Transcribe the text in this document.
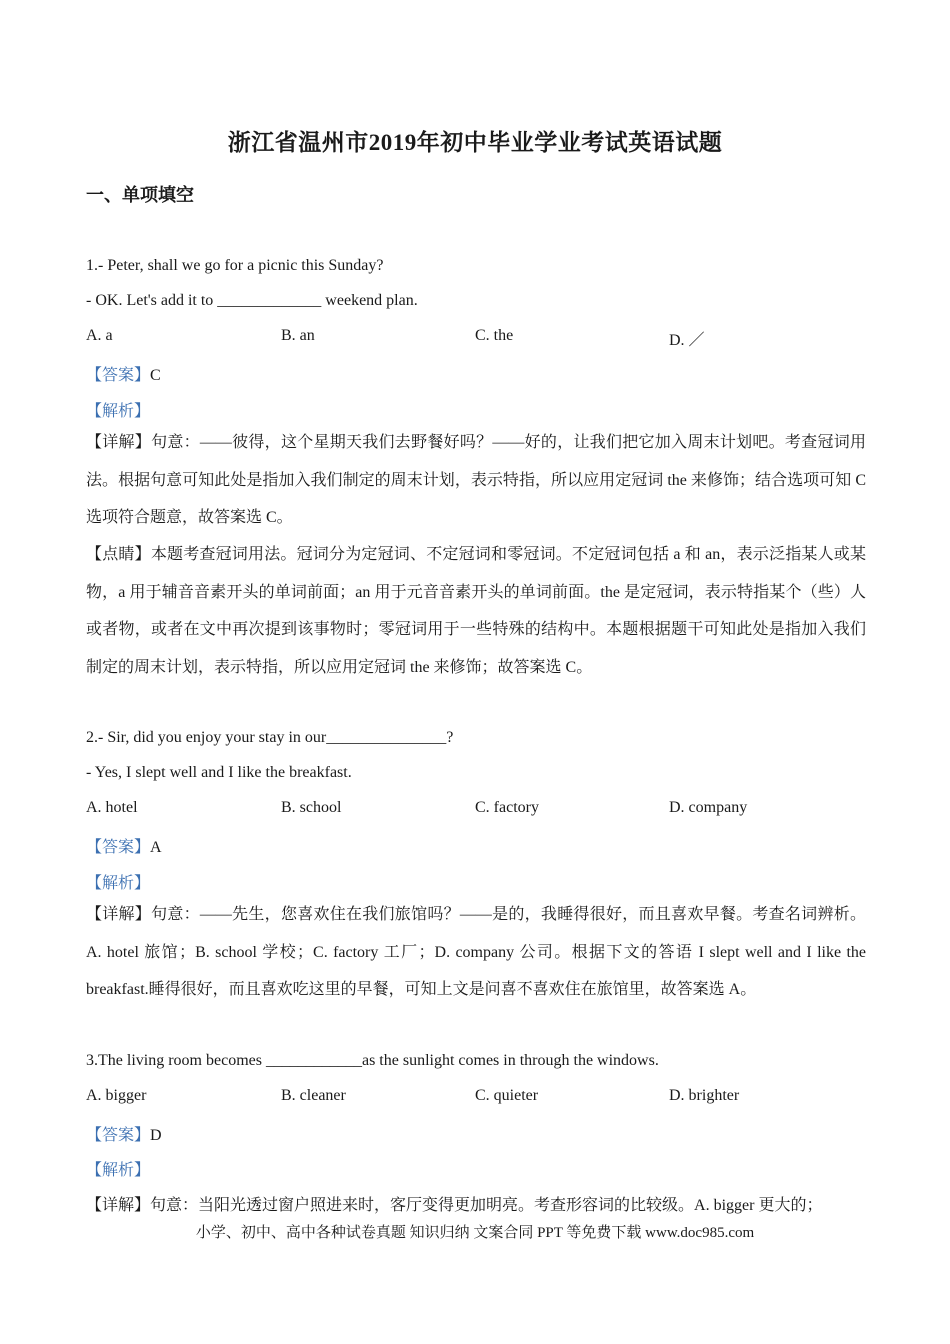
浙江省温州市2019年初中毕业学业考试英语试题
一、单项填空
1.- Peter, shall we go for a picnic this Sunday?
- OK. Let's add it to _____________ weekend plan.
A. a	B. an	C. the	D. ／
【答案】C
【解析】
【详解】句意：——彼得，这个星期天我们去野餐好吗？——好的，让我们把它加入周末计划吧。考查冠词用法。根据句意可知此处是指加入我们制定的周末计划，表示特指，所以应用定冠词 the 来修饰；结合选项可知 C 选项符合题意，故答案选 C。
【点睛】本题考查冠词用法。冠词分为定冠词、不定冠词和零冠词。不定冠词包括 a 和 an，表示泛指某人或某物，a 用于辅音音素开头的单词前面；an 用于元音音素开头的单词前面。the 是定冠词，表示特指某个（些）人或者物，或者在文中再次提到该事物时；零冠词用于一些特殊的结构中。本题根据题干可知此处是指加入我们制定的周末计划，表示特指，所以应用定冠词 the 来修饰；故答案选 C。
2.- Sir, did you enjoy your stay in our_______________?
- Yes, I slept well and I like the breakfast.
A. hotel	B. school	C. factory	D. company
【答案】A
【解析】
【详解】句意：——先生，您喜欢住在我们旅馆吗？——是的，我睡得很好，而且喜欢早餐。考查名词辨析。A. hotel 旅馆；B. school 学校；C. factory 工厂；D. company 公司。根据下文的答语 I slept well and I like the breakfast.睡得很好，而且喜欢吃这里的早餐，可知上文是问喜不喜欢住在旅馆里，故答案选 A。
3.The living room becomes ____________as the sunlight comes in through the windows.
A. bigger	B. cleaner	C. quieter	D. brighter
【答案】D
【解析】
【详解】句意：当阳光透过窗户照进来时，客厅变得更加明亮。考查形容词的比较级。A. bigger 更大的；
小学、初中、高中各种试卷真题 知识归纳 文案合同 PPT 等免费下载 www.doc985.com
